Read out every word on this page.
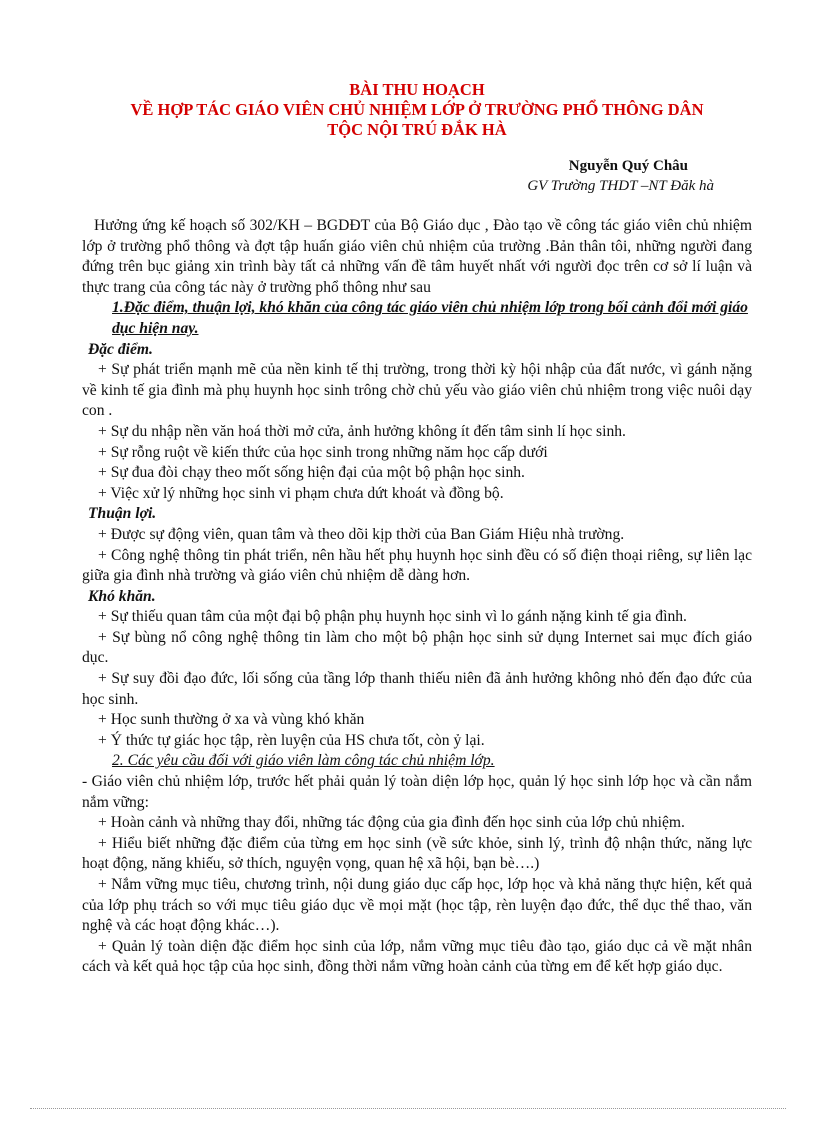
BÀI THU HOẠCH

VỀ HỢP TÁC GIÁO VIÊN CHỦ NHIỆM LỚP Ở TRƯỜNG PHỔ THÔNG DÂN

TỘC NỘI TRÚ ĐẮK HÀ

Nguyễn Quý Châu
GV Trường THDT –NT Đăk hà

Hưởng ứng kế hoạch số 302/KH – BGDĐT của Bộ Giáo dục , Đào tạo về công tác giáo viên chủ nhiệm lớp ở trường phổ thông và đợt tập huấn giáo viên chủ nhiệm của trường .Bản thân tôi, những người đang đứng trên bục giảng xin trình bày tất cả những vấn đề tâm huyết nhất với người đọc trên cơ sở lí luận và thực trang của công tác này ở trường phổ thông như sau

1.Đặc điểm, thuận lợi, khó khăn của công tác giáo viên chủ nhiệm lớp trong bối cảnh đổi mới giáo dục hiện nay.
Đặc điểm.

+ Sự phát triển mạnh mẽ của nền kinh tế thị trường, trong thời kỳ hội nhập của đất nước, vì gánh nặng về kinh tế gia đình mà phụ huynh học sinh trông chờ chủ yếu vào giáo viên chủ nhiệm trong việc nuôi dạy con .

+ Sự du nhập nền văn hoá thời mở cửa, ảnh hưởng không ít đến tâm sinh lí học sinh.

+ Sự rỗng ruột về kiến thức của học sinh trong những năm học cấp dưới

+ Sự đua đòi chạy theo mốt sống hiện đại của một bộ phận học sinh.

+ Việc xử lý những học sinh vi phạm chưa dứt khoát và đồng bộ.

Thuận lợi.

+ Được sự động viên, quan tâm và theo dõi kịp thời của Ban Giám Hiệu nhà trường.

+ Công nghệ thông tin phát triển, nên hầu hết phụ huynh học sinh đều có số điện thoại riêng, sự liên lạc giữa gia đình nhà trường và giáo viên chủ nhiệm dễ dàng hơn.

Khó khăn.

+ Sự thiếu quan tâm của một đại bộ phận phụ huynh học sinh vì lo gánh nặng kinh tế gia đình.

+ Sự bùng nổ công nghệ thông tin làm cho một bộ phận học sinh sử dụng Internet sai mục đích giáo dục.

+ Sự suy đồi đạo đức, lối sống của tầng lớp thanh thiếu niên đã ảnh hưởng không nhỏ đến đạo đức của học sinh.

+ Học sunh thường ở xa và vùng khó khăn

+ Ý thức tự giác học tập, rèn luyện của HS chưa tốt, còn ỷ lại.

2. Các yêu cầu đối với giáo viên làm công tác chủ nhiệm lớp.

- Giáo viên chủ nhiệm lớp, trước hết phải quản lý toàn diện lớp học, quản lý học sinh lớp học và cần nắm nắm vững:

+ Hoàn cảnh và những thay đổi, những tác động của gia đình đến học sinh của lớp chủ nhiệm.

+ Hiểu biết những đặc điểm của từng em học sinh (về sức khỏe, sinh lý, trình độ nhận thức, năng lực hoạt động, năng khiếu, sở thích, nguyện vọng, quan hệ xã hội, bạn bè….)

+ Nắm vững mục tiêu, chương trình, nội dung giáo dục cấp học, lớp học và khả năng thực hiện, kết quả của lớp phụ trách so với mục tiêu giáo dục về mọi mặt (học tập, rèn luyện đạo đức, thể dục thể thao, văn nghệ và các hoạt động khác…).

+ Quản lý toàn diện đặc điểm học sinh của lớp, nắm vững mục tiêu đào tạo, giáo dục cả về mặt nhân cách và kết quả học tập của học sinh, đồng thời nắm vững hoàn cảnh của từng em để kết hợp giáo dục.
